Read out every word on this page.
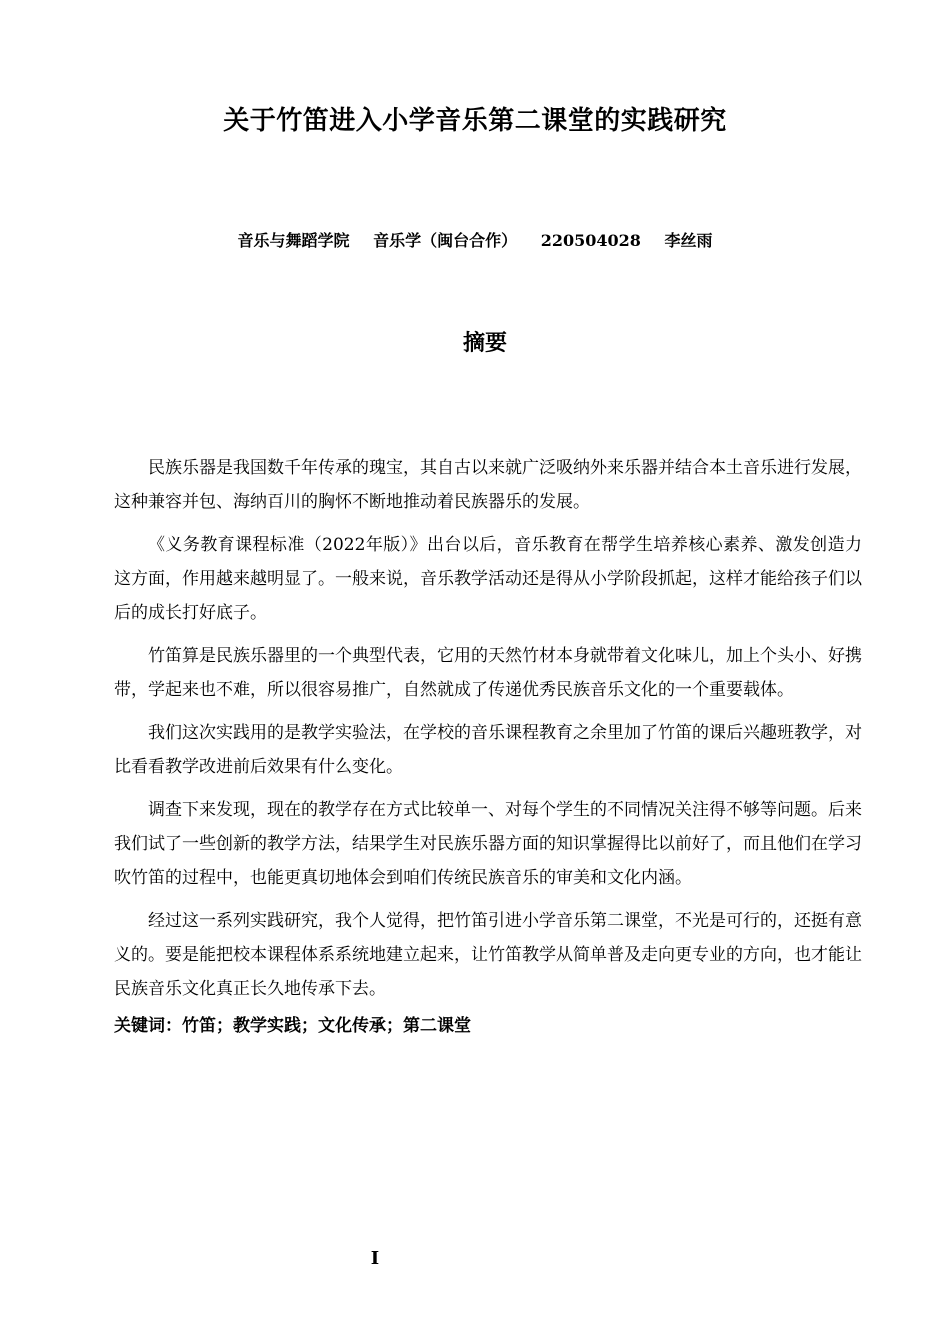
关于竹笛进入小学音乐第二课堂的实践研究
音乐与舞蹈学院 音乐学（闽台合作） 220504028 李丝雨
摘要

民族乐器是我国数千年传承的瑰宝，其自古以来就广泛吸纳外来乐器并结合本土音乐进行发展，这种兼容并包、海纳百川的胸怀不断地推动着民族器乐的发展。

《义务教育课程标准（2022年版）》出台以后，音乐教育在帮学生培养核心素养、激发创造力这方面，作用越来越明显了。一般来说，音乐教学活动还是得从小学阶段抓起，这样才能给孩子们以后的成长打好底子。

竹笛算是民族乐器里的一个典型代表，它用的天然竹材本身就带着文化味儿，加上个头小、好携带，学起来也不难，所以很容易推广，自然就成了传递优秀民族音乐文化的一个重要载体。

我们这次实践用的是教学实验法，在学校的音乐课程教育之余里加了竹笛的课后兴趣班教学，对比看看教学改进前后效果有什么变化。

调查下来发现，现在的教学存在方式比较单一、对每个学生的不同情况关注得不够等问题。后来我们试了一些创新的教学方法，结果学生对民族乐器方面的知识掌握得比以前好了，而且他们在学习吹竹笛的过程中，也能更真切地体会到咱们传统民族音乐的审美和文化内涵。

经过这一系列实践研究，我个人觉得，把竹笛引进小学音乐第二课堂，不光是可行的，还挺有意义的。要是能把校本课程体系系统地建立起来，让竹笛教学从简单普及走向更专业的方向，也才能让民族音乐文化真正长久地传承下去。

关键词：竹笛；教学实践；文化传承；第二课堂
I
